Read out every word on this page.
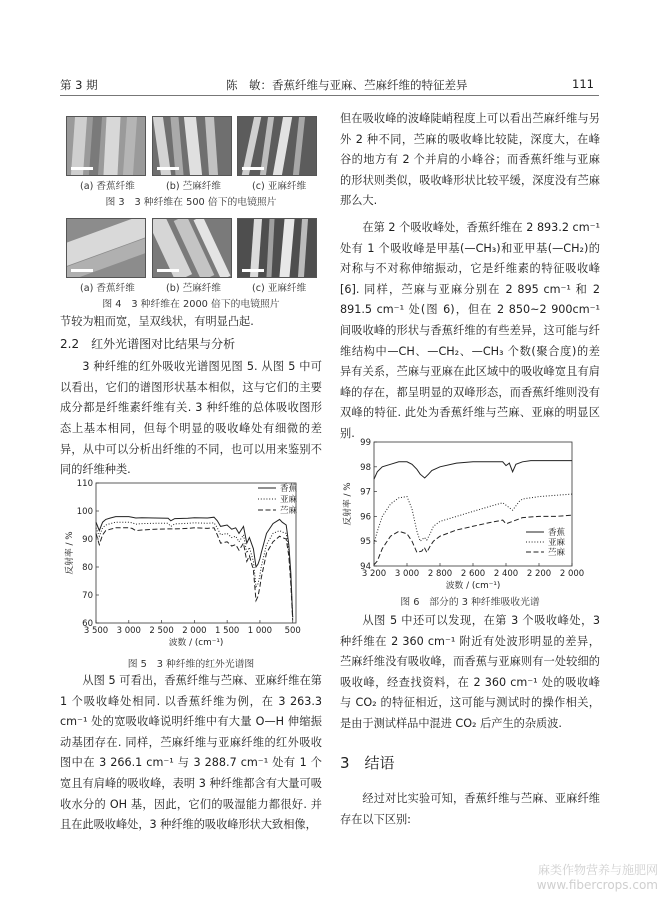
第 3 期	陈　敏：香蕉纤维与亚麻、苎麻纤维的特征差异	111
(a) 香蕉纤维	(b) 苎麻纤维	(c) 亚麻纤维
图 3　3 种纤维在 500 倍下的电镜照片
(a) 香蕉纤维	(b) 苎麻纤维	(c) 亚麻纤维
图 4　3 种纤维在 2000 倍下的电镜照片

节较为粗而宽，呈双线状，有明显凸起.

2.2　红外光谱图对比结果与分析

3 种纤维的红外吸收光谱图见图 5. 从图 5 中可以看出，它们的谱图形状基本相似，这与它们的主要成分都是纤维素纤维有关. 3 种纤维的总体吸收图形态上基本相同，但每个明显的吸收峰处有细微的差异，从中可以分析出纤维的不同，也可以用来鉴别不同的纤维种类.

60
70
80
90
100
110
3 500 3 000 2 500 2 000 1 500 1 000 500
波数 / (cm⁻¹)
反射率 / %
香蕉
亚麻
苎麻
图 5　3 种纤维的红外光谱图

从图 5 可看出，香蕉纤维与苎麻、亚麻纤维在第 1 个吸收峰处相同. 以香蕉纤维为例，在 3 263.3 cm⁻¹ 处的宽吸收峰说明纤维中有大量 O—H 伸缩振动基团存在. 同样，苎麻纤维与亚麻纤维的红外吸收图中在 3 266.1 cm⁻¹ 与 3 288.7 cm⁻¹ 处有 1 个宽且有肩峰的吸收峰，表明 3 种纤维都含有大量可吸收水分的 OH 基，因此，它们的吸湿能力都很好. 并且在此吸收峰处，3 种纤维的吸收峰形状大致相像，

但在吸收峰的波峰陡峭程度上可以看出苎麻纤维与另外 2 种不同，苎麻的吸收峰比较陡，深度大，在峰谷的地方有 2 个并肩的小峰谷；而香蕉纤维与亚麻的形状则类似，吸收峰形状比较平缓，深度没有苎麻那么大.

在第 2 个吸收峰处，香蕉纤维在 2 893.2 cm⁻¹ 处有 1 个吸收峰是甲基(—CH₃)和亚甲基(—CH₂)的对称与不对称伸缩振动，它是纤维素的特征吸收峰[6]. 同样，苎麻与亚麻分别在 2 895 cm⁻¹ 和 2 891.5 cm⁻¹ 处(图 6)，但在 2 850~2 900cm⁻¹ 间吸收峰的形状与香蕉纤维的有些差异，这可能与纤维结构中—CH、—CH₂、—CH₃ 个数(聚合度)的差异有关系，苎麻与亚麻在此区域中的吸收峰宽且有肩峰的存在，都呈明显的双峰形态，而香蕉纤维则没有双峰的特征. 此处为香蕉纤维与苎麻、亚麻的明显区别.

94
95
96
97
98
99
3 200 3 000 2 800 2 600 2 400 2 200 2 000
波数 / (cm⁻¹)
反射率 / %
香蕉
亚麻
苎麻
图 6　部分的 3 种纤维吸收光谱

从图 5 中还可以发现，在第 3 个吸收峰处，3 种纤维在 2 360 cm⁻¹ 附近有处波形明显的差异，苎麻纤维没有吸收峰，而香蕉与亚麻则有一处较细的吸收峰，经查找资料，在 2 360 cm⁻¹ 处的吸收峰与 CO₂ 的特征相近，这可能与测试时的操作相关，是由于测试样品中混进 CO₂ 后产生的杂质波.

3　结语

经过对比实验可知，香蕉纤维与苎麻、亚麻纤维存在以下区别:

麻类作物营养与施肥网
www.fibercrops.com
